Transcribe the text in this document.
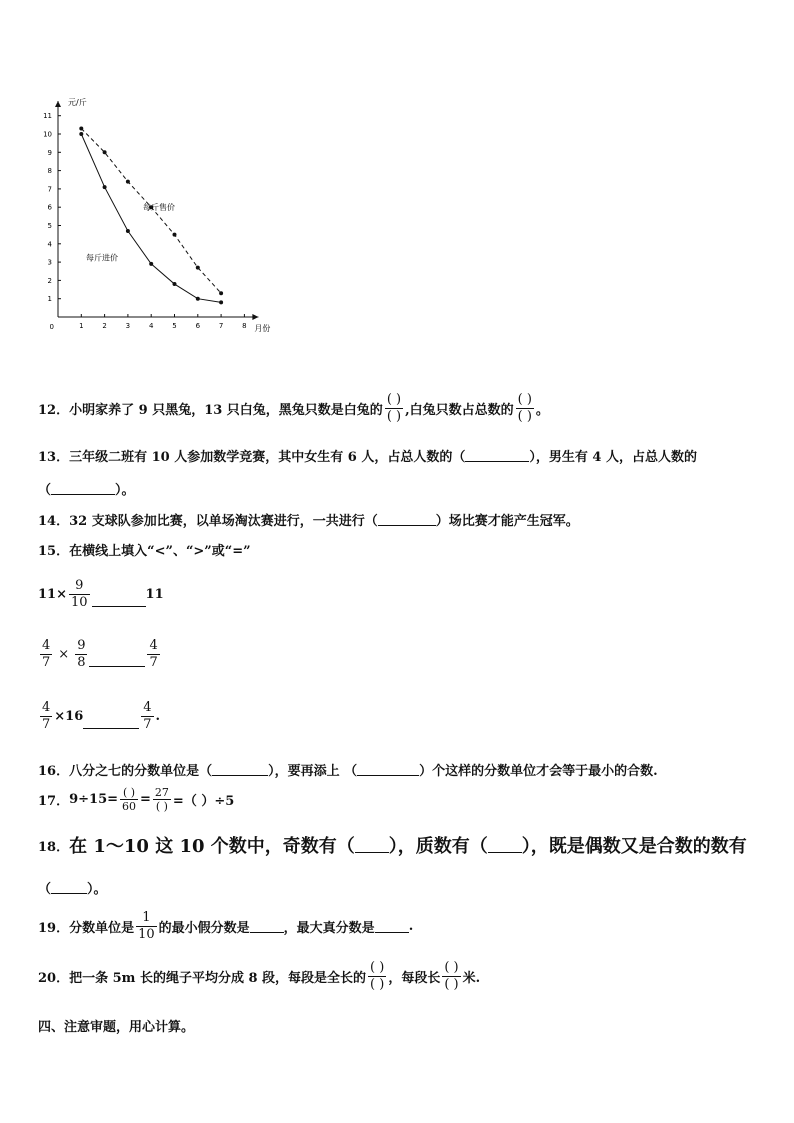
元/斤
月份
0	1	2	3	4	5	6	7	8
1
2
3
4
5
6
7
8
9
10
11
每斤售价
每斤进价
12． 小明家养了 9 只黑兔，13 只白兔，黑兔只数是白兔的 $\frac{( )}{( )}$ ,白兔只数占总数的 $\frac{( )}{( )}$ 。
13． 三年级二班有 10 人参加数学竞赛，其中女生有 6 人，占总人数的（	），男生有 4 人，占总人数的
（	）。
14． 32 支球队参加比赛，以单场淘汰赛进行，一共进行（	）场比赛才能产生冠军。
15． 在横线上填入“<”、“>”或“=”
$11\times \frac{9}{10}$	11
$\frac{4}{7} \times \frac{9}{8}$	$\frac{4}{7}$
$\frac{4}{7} \times 16$	$\frac{4}{7}$ .
16． 八分之七的分数单位是（	），要再添上 （	）个这样的分数单位才会等于最小的合数.
17． $9\div 15= \frac{( )}{60} = \frac{27}{( )}$ =（ ）÷5
18． 在 1～10 这 10 个数中，奇数有（ ），质数有（ ），既是偶数又是合数的数有
（	）。
19． 分数单位是 $\frac{1}{10}$ 的最小假分数是	，最大真分数是	.
20． 把一条 5m 长的绳子平均分成 8 段，每段是全长的 $\frac{( )}{( )}$ ，每段长 $\frac{( )}{( )}$ 米.
四、注意审题，用心计算。
